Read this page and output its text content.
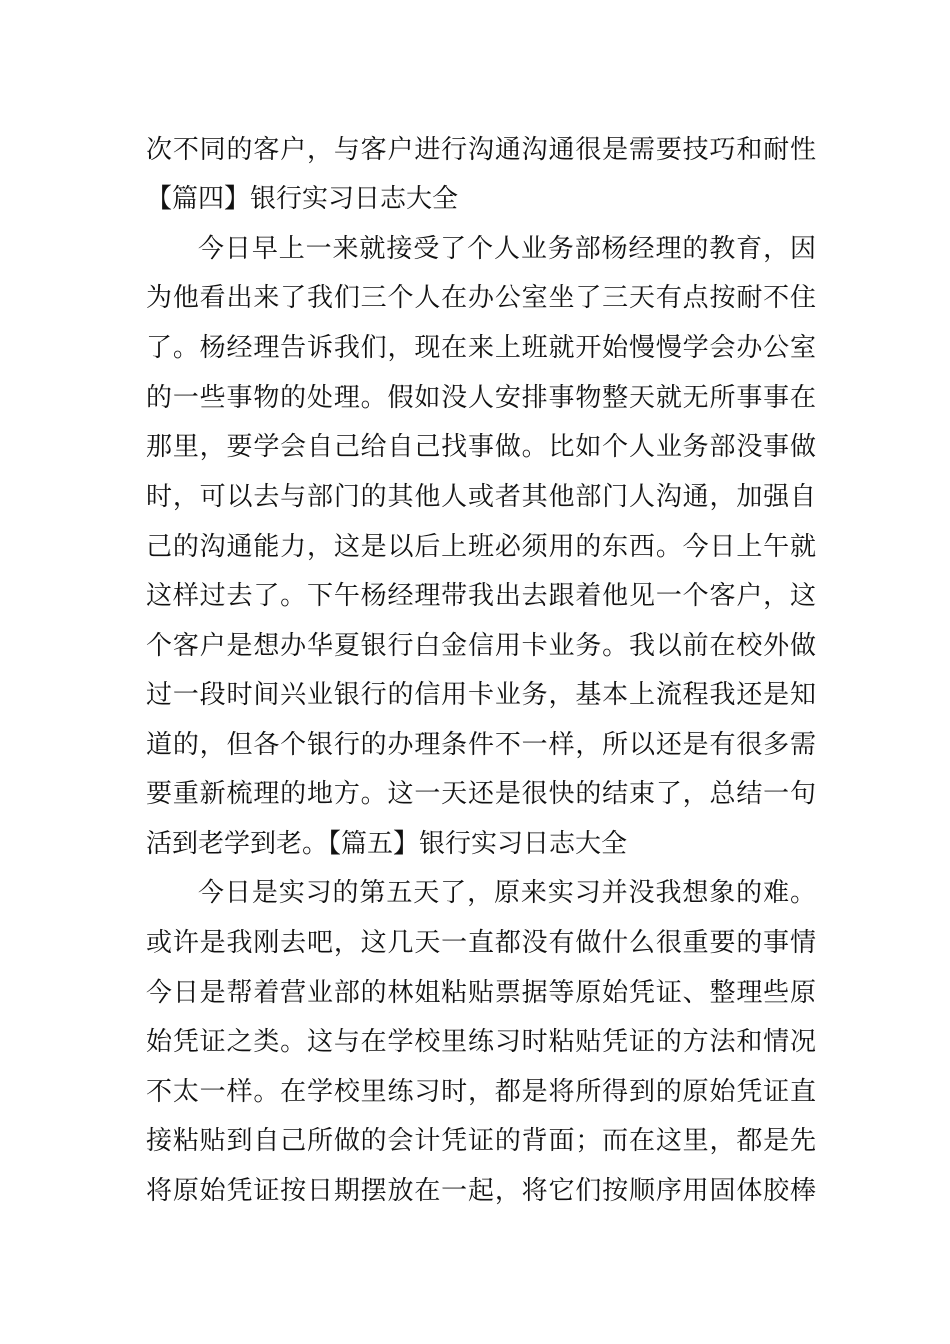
次不同的客户，与客户进行沟通沟通很是需要技巧和耐性
【篇四】银行实习日志大全
今日早上一来就接受了个人业务部杨经理的教育，因
为他看出来了我们三个人在办公室坐了三天有点按耐不住
了。杨经理告诉我们，现在来上班就开始慢慢学会办公室
的一些事物的处理。假如没人安排事物整天就无所事事在
那里，要学会自己给自己找事做。比如个人业务部没事做
时，可以去与部门的其他人或者其他部门人沟通，加强自
己的沟通能力，这是以后上班必须用的东西。今日上午就
这样过去了。下午杨经理带我出去跟着他见一个客户，这
个客户是想办华夏银行白金信用卡业务。我以前在校外做
过一段时间兴业银行的信用卡业务，基本上流程我还是知
道的，但各个银行的办理条件不一样，所以还是有很多需
要重新梳理的地方。这一天还是很快的结束了，总结一句
活到老学到老。【篇五】银行实习日志大全
今日是实习的第五天了，原来实习并没我想象的难。
或许是我刚去吧，这几天一直都没有做什么很重要的事情
今日是帮着营业部的林姐粘贴票据等原始凭证、整理些原
始凭证之类。这与在学校里练习时粘贴凭证的方法和情况
不太一样。在学校里练习时，都是将所得到的原始凭证直
接粘贴到自己所做的会计凭证的背面；而在这里，都是先
将原始凭证按日期摆放在一起，将它们按顺序用固体胶棒
